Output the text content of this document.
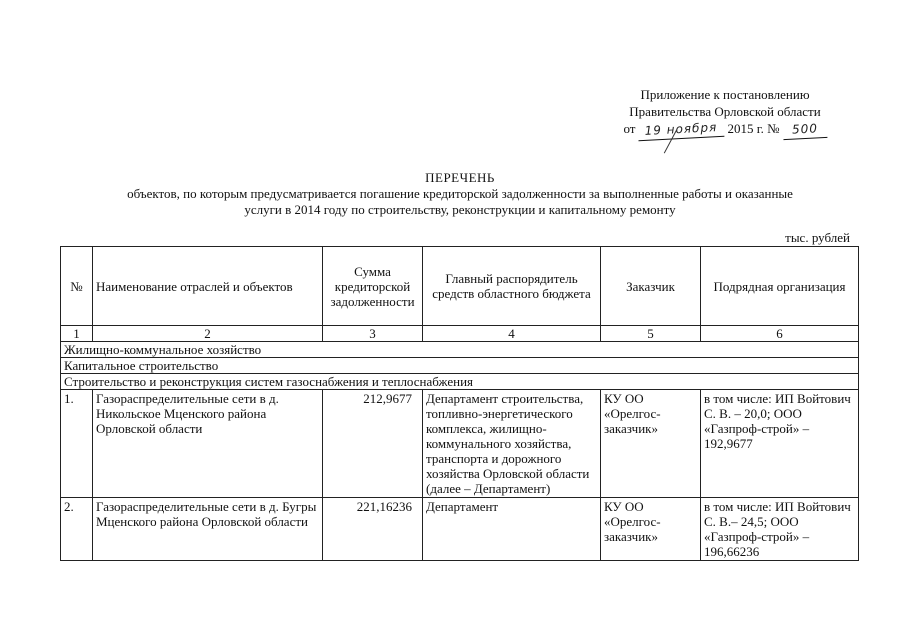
Приложение к постановлению
Правительства Орловской области
от 19 ноября 2015 г. № 500
ПЕРЕЧЕНЬ
объектов, по которым предусматривается погашение кредиторской задолженности за выполненные работы и оказанные
услуги в 2014 году по строительству, реконструкции и капитальному ремонту
тыс. рублей
№	Наименование отраслей и объектов	Сумма кредиторской задолженности	Главный распорядитель средств областного бюджета	Заказчик	Подрядная организация
1	2	3	4	5	6
Жилищно-коммунальное хозяйство					
Капитальное строительство					
Строительство и реконструкция систем газоснабжения и теплоснабжения					
1.	Газораспределительные сети в д. Никольское Мценского района Орловской области	212,9677	Департамент строительства, топливно-энергетического комплекса, жилищно-коммунального хозяйства, транспорта и дорожного хозяйства Орловской области (далее – Департамент)	КУ ОО «Орелгос-заказчик»	в том числе: ИП Войтович С. В. – 20,0; ООО «Газпроф-строй» – 192,9677
2.	Газораспределительные сети в д. Бугры Мценского района Орловской области	221,16236	Департамент	КУ ОО «Орелгос-заказчик»	в том числе: ИП Войтович С. В.– 24,5; ООО «Газпроф-строй» – 196,66236
